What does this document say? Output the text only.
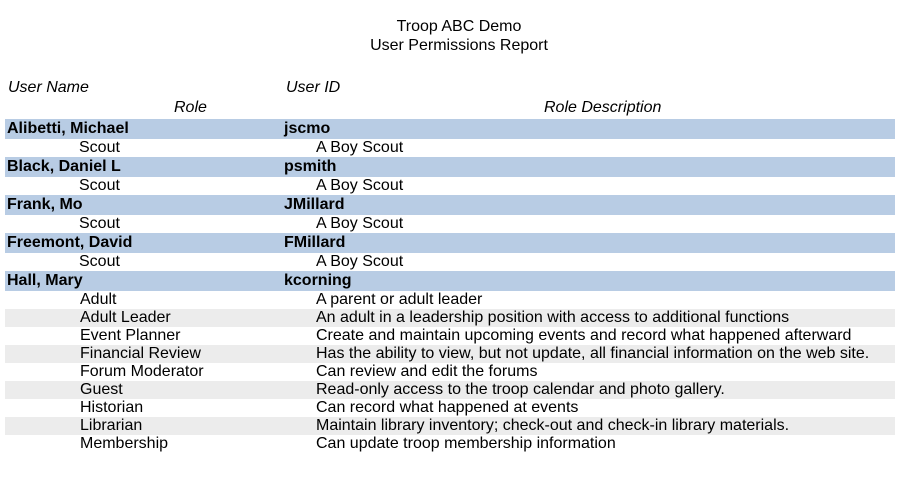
Troop ABC Demo
User Permissions Report
User Name	User ID
Role	Role Description
Alibetti, Michael	jscmo
Scout	A Boy Scout
Black, Daniel L	psmith
Scout	A Boy Scout
Frank, Mo	JMillard
Scout	A Boy Scout
Freemont, David	FMillard
Scout	A Boy Scout
Hall, Mary	kcorning
Adult	A parent or adult leader
Adult Leader	An adult in a leadership position with access to additional functions
Event Planner	Create and maintain upcoming events and record what happened afterward
Financial Review	Has the ability to view, but not update, all financial information on the web site.
Forum Moderator	Can review and edit the forums
Guest	Read-only access to the troop calendar and photo gallery.
Historian	Can record what happened at events
Librarian	Maintain library inventory; check-out and check-in library materials.
Membership	Can update troop membership information
